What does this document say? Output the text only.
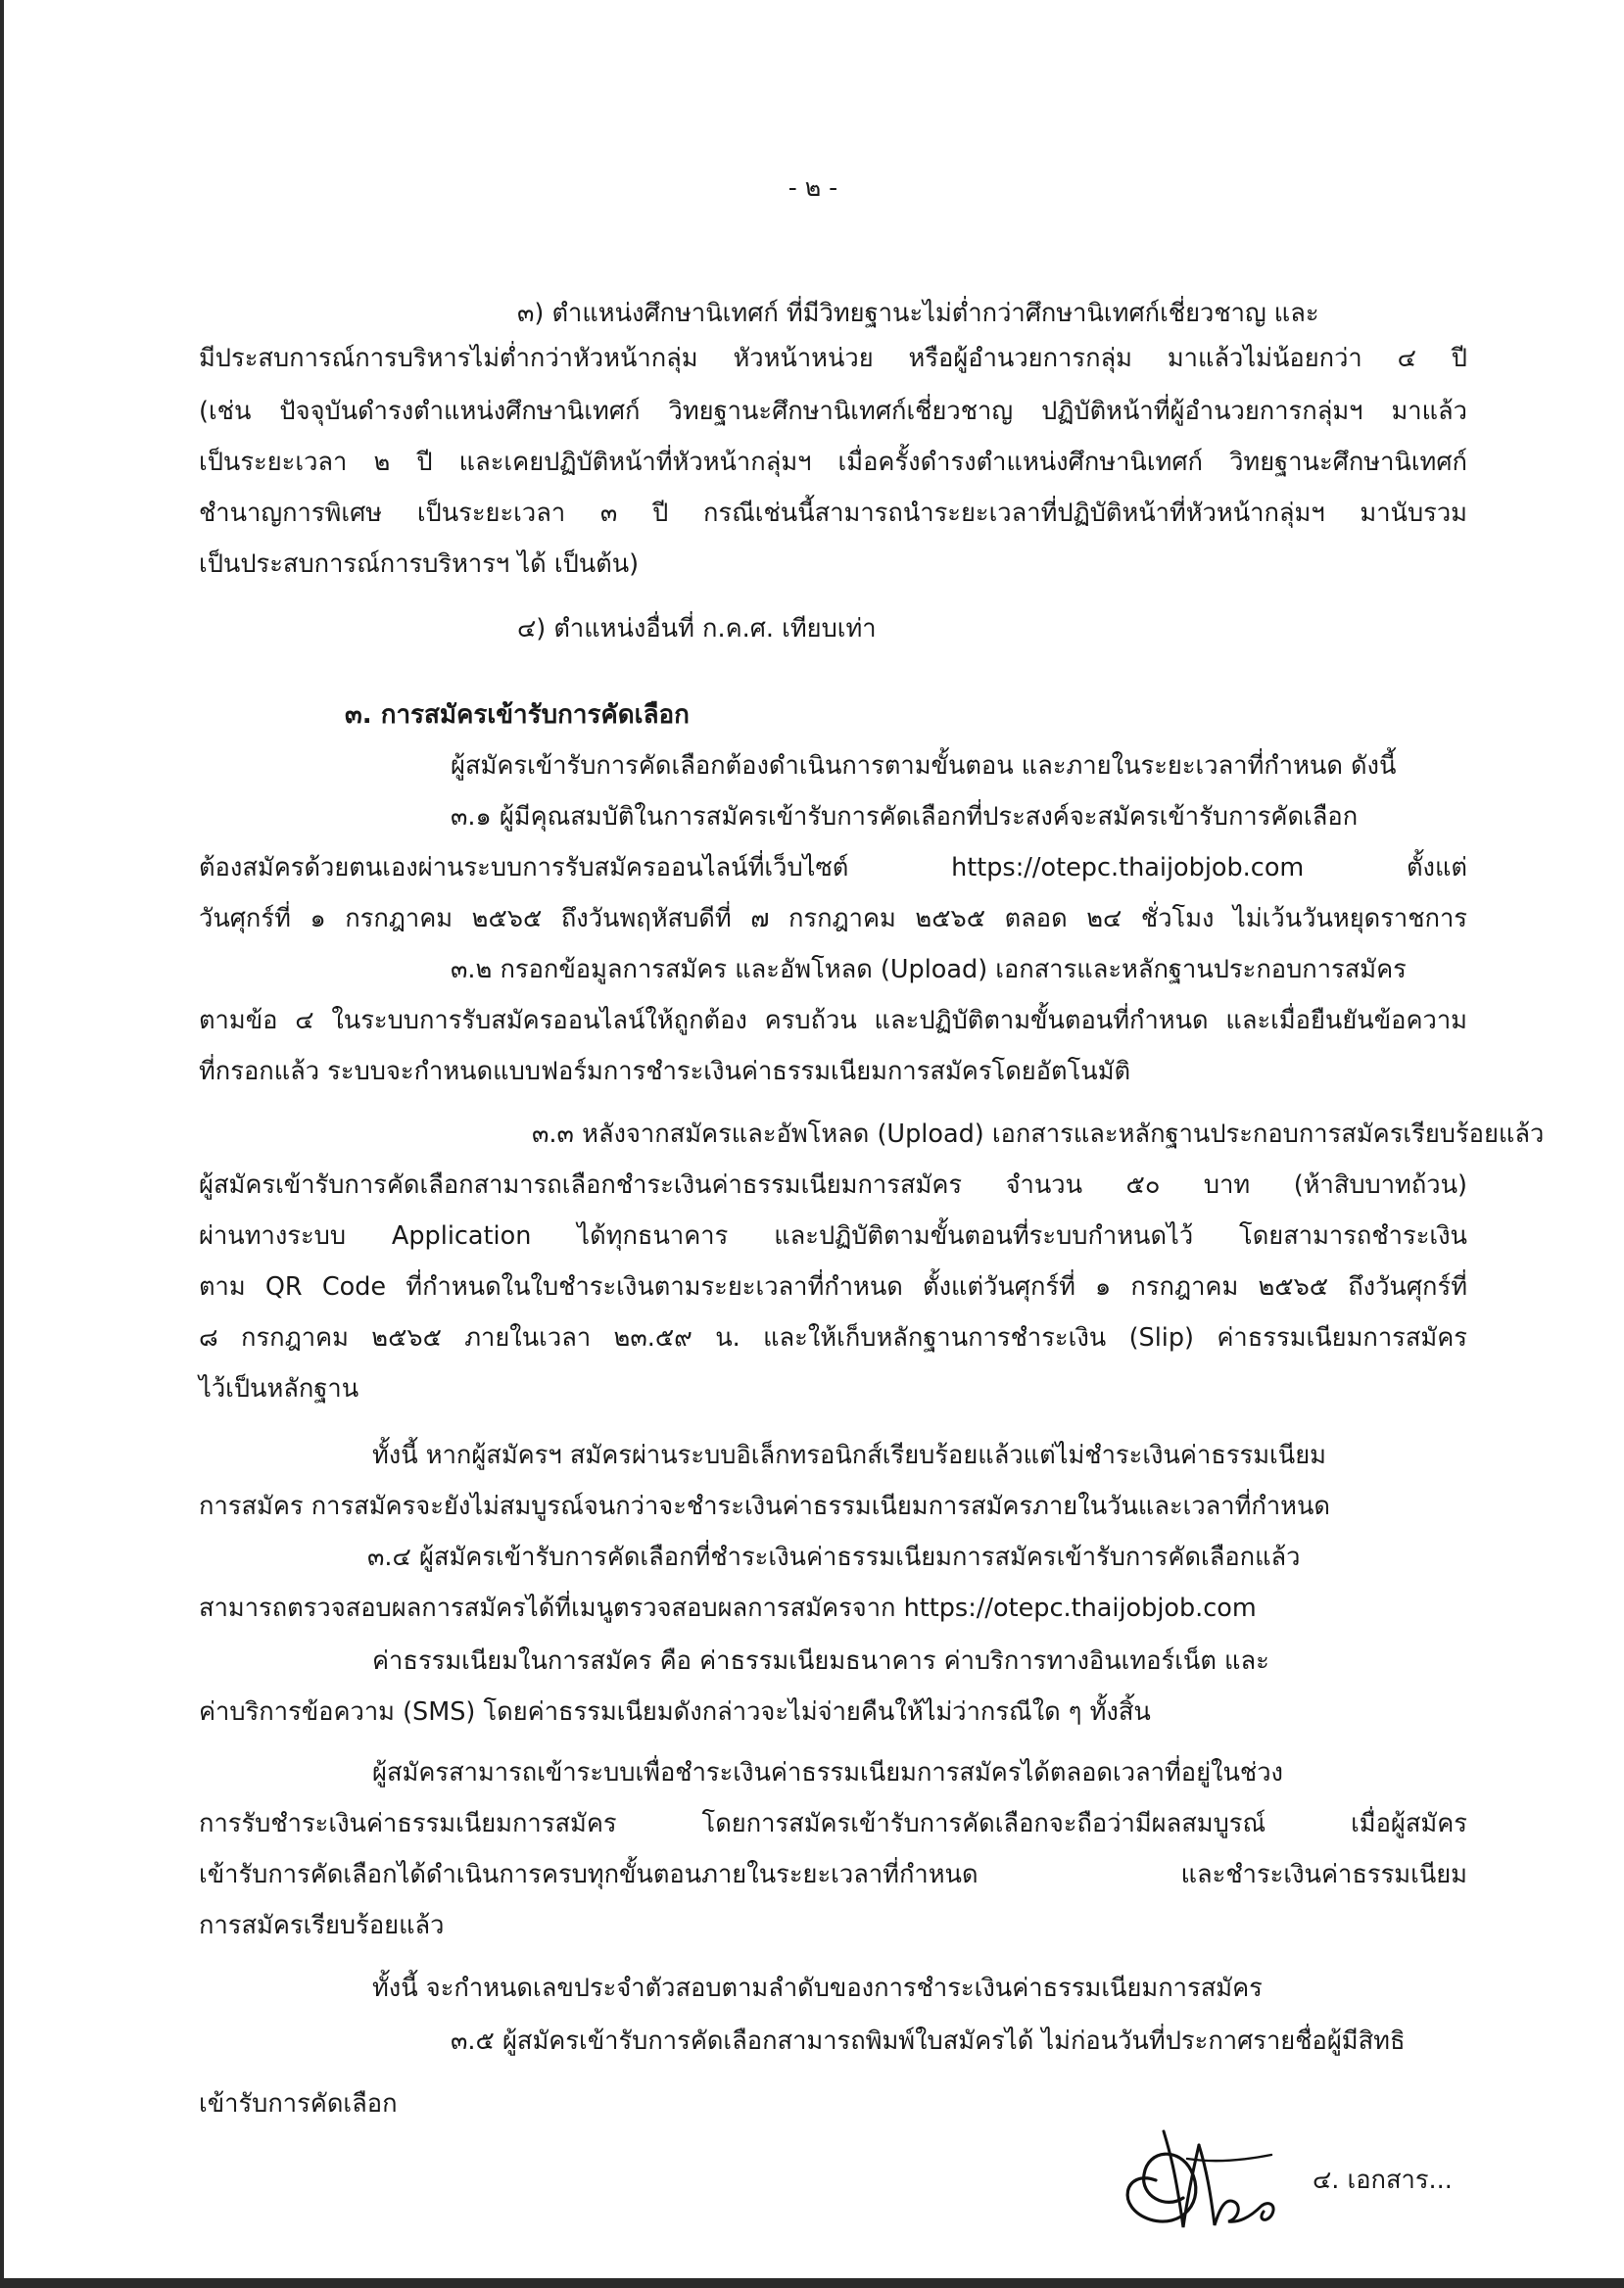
- ๒ -
๓) ตำแหน่งศึกษานิเทศก์ ที่มีวิทยฐานะไม่ต่ำกว่าศึกษานิเทศก์เชี่ยวชาญ และ
มีประสบการณ์การบริหารไม่ต่ำกว่าหัวหน้ากลุ่ม หัวหน้าหน่วย หรือผู้อำนวยการกลุ่ม มาแล้วไม่น้อยกว่า ๔ ปี
(เช่น ปัจจุบันดำรงตำแหน่งศึกษานิเทศก์ วิทยฐานะศึกษานิเทศก์เชี่ยวชาญ ปฏิบัติหน้าที่ผู้อำนวยการกลุ่มฯ มาแล้ว
เป็นระยะเวลา ๒ ปี และเคยปฏิบัติหน้าที่หัวหน้ากลุ่มฯ เมื่อครั้งดำรงตำแหน่งศึกษานิเทศก์ วิทยฐานะศึกษานิเทศก์
ชำนาญการพิเศษ เป็นระยะเวลา ๓ ปี กรณีเช่นนี้สามารถนำระยะเวลาที่ปฏิบัติหน้าที่หัวหน้ากลุ่มฯ มานับรวม
เป็นประสบการณ์การบริหารฯ ได้ เป็นต้น)
๔) ตำแหน่งอื่นที่ ก.ค.ศ. เทียบเท่า
๓. การสมัครเข้ารับการคัดเลือก
ผู้สมัครเข้ารับการคัดเลือกต้องดำเนินการตามขั้นตอน และภายในระยะเวลาที่กำหนด ดังนี้
๓.๑ ผู้มีคุณสมบัติในการสมัครเข้ารับการคัดเลือกที่ประสงค์จะสมัครเข้ารับการคัดเลือก
ต้องสมัครด้วยตนเองผ่านระบบการรับสมัครออนไลน์ที่เว็บไซต์ https://otepc.thaijobjob.com ตั้งแต่
วันศุกร์ที่ ๑ กรกฎาคม ๒๕๖๕ ถึงวันพฤหัสบดีที่ ๗ กรกฎาคม ๒๕๖๕ ตลอด ๒๔ ชั่วโมง ไม่เว้นวันหยุดราชการ
๓.๒ กรอกข้อมูลการสมัคร และอัพโหลด (Upload) เอกสารและหลักฐานประกอบการสมัคร
ตามข้อ ๔ ในระบบการรับสมัครออนไลน์ให้ถูกต้อง ครบถ้วน และปฏิบัติตามขั้นตอนที่กำหนด และเมื่อยืนยันข้อความ
ที่กรอกแล้ว ระบบจะกำหนดแบบฟอร์มการชำระเงินค่าธรรมเนียมการสมัครโดยอัตโนมัติ
๓.๓ หลังจากสมัครและอัพโหลด (Upload) เอกสารและหลักฐานประกอบการสมัครเรียบร้อยแล้ว
ผู้สมัครเข้ารับการคัดเลือกสามารถเลือกชำระเงินค่าธรรมเนียมการสมัคร จำนวน ๕๐ บาท (ห้าสิบบาทถ้วน)
ผ่านทางระบบ Application ได้ทุกธนาคาร และปฏิบัติตามขั้นตอนที่ระบบกำหนดไว้ โดยสามารถชำระเงิน
ตาม QR Code ที่กำหนดในใบชำระเงินตามระยะเวลาที่กำหนด ตั้งแต่วันศุกร์ที่ ๑ กรกฎาคม ๒๕๖๕ ถึงวันศุกร์ที่
๘ กรกฎาคม ๒๕๖๕ ภายในเวลา ๒๓.๕๙ น. และให้เก็บหลักฐานการชำระเงิน (Slip) ค่าธรรมเนียมการสมัคร
ไว้เป็นหลักฐาน
ทั้งนี้ หากผู้สมัครฯ สมัครผ่านระบบอิเล็กทรอนิกส์เรียบร้อยแล้วแต่ไม่ชำระเงินค่าธรรมเนียม
การสมัคร การสมัครจะยังไม่สมบูรณ์จนกว่าจะชำระเงินค่าธรรมเนียมการสมัครภายในวันและเวลาที่กำหนด
๓.๔ ผู้สมัครเข้ารับการคัดเลือกที่ชำระเงินค่าธรรมเนียมการสมัครเข้ารับการคัดเลือกแล้ว
สามารถตรวจสอบผลการสมัครได้ที่เมนูตรวจสอบผลการสมัครจาก https://otepc.thaijobjob.com
ค่าธรรมเนียมในการสมัคร คือ ค่าธรรมเนียมธนาคาร ค่าบริการทางอินเทอร์เน็ต และ
ค่าบริการข้อความ (SMS) โดยค่าธรรมเนียมดังกล่าวจะไม่จ่ายคืนให้ไม่ว่ากรณีใด ๆ ทั้งสิ้น
ผู้สมัครสามารถเข้าระบบเพื่อชำระเงินค่าธรรมเนียมการสมัครได้ตลอดเวลาที่อยู่ในช่วง
การรับชำระเงินค่าธรรมเนียมการสมัคร โดยการสมัครเข้ารับการคัดเลือกจะถือว่ามีผลสมบูรณ์ เมื่อผู้สมัคร
เข้ารับการคัดเลือกได้ดำเนินการครบทุกขั้นตอนภายในระยะเวลาที่กำหนด และชำระเงินค่าธรรมเนียม
การสมัครเรียบร้อยแล้ว
ทั้งนี้ จะกำหนดเลขประจำตัวสอบตามลำดับของการชำระเงินค่าธรรมเนียมการสมัคร
๓.๕ ผู้สมัครเข้ารับการคัดเลือกสามารถพิมพ์ใบสมัครได้ ไม่ก่อนวันที่ประกาศรายชื่อผู้มีสิทธิ
เข้ารับการคัดเลือก
๔. เอกสาร...
